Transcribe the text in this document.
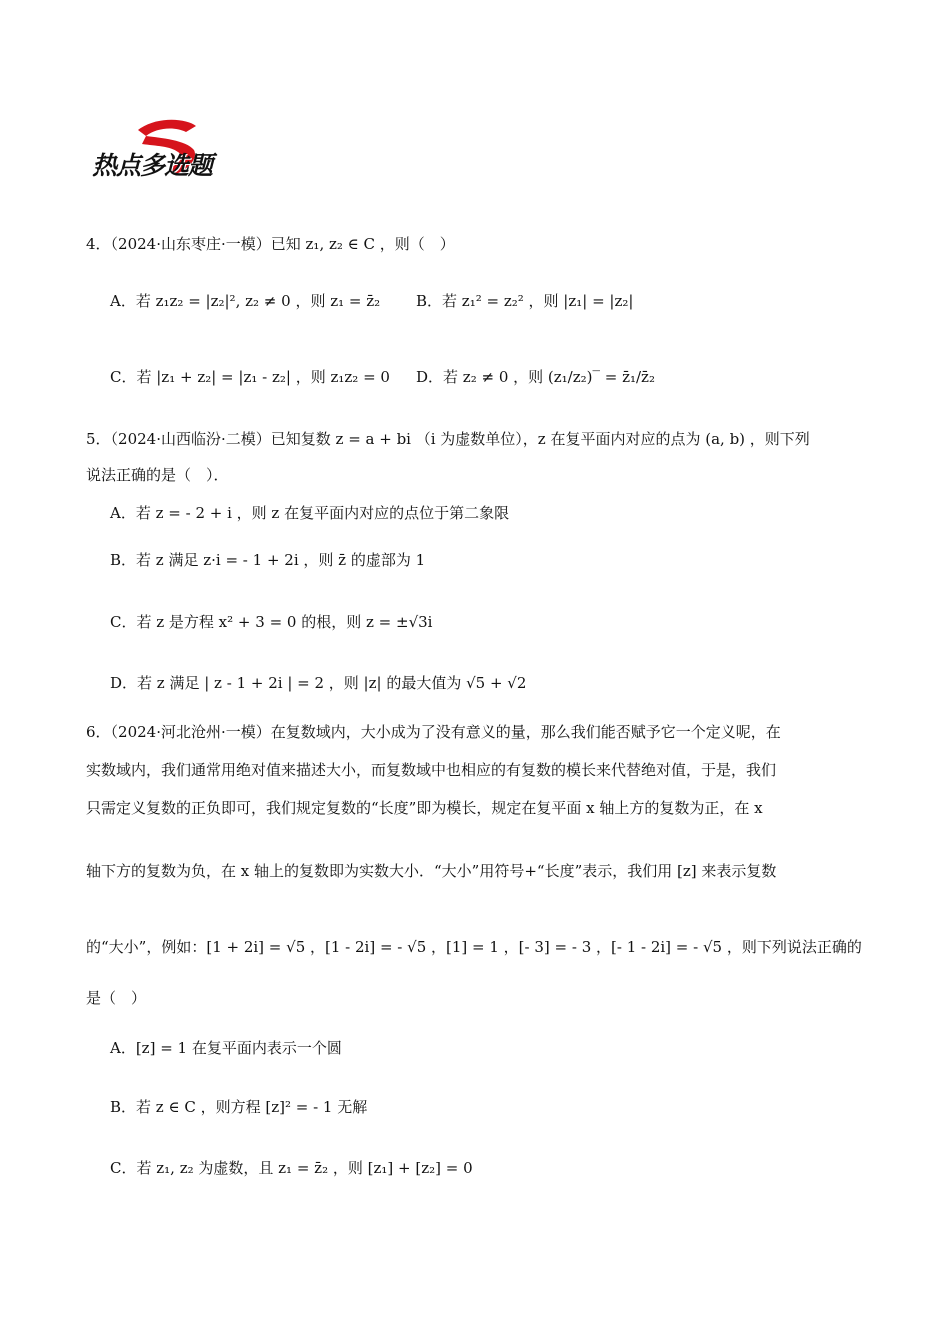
热点多选题
4．（2024·山东枣庄·一模）已知 z₁, z₂ ∈ C ，则（　）
A．若 z₁z₂ = |z₂|², z₂ ≠ 0 ，则 z₁ = z̄₂ B．若 z₁² = z₂² ，则 |z₁| = |z₂|
C．若 |z₁ + z₂| = |z₁ - z₂| ，则 z₁z₂ = 0 D．若 z₂ ≠ 0 ，则 (z₁/z₂)‾ = z̄₁/z̄₂
5．（2024·山西临汾·二模）已知复数 z = a + bi （i 为虚数单位），z 在复平面内对应的点为 (a, b) ，则下列
说法正确的是（　）．
A．若 z = - 2 + i ，则 z 在复平面内对应的点位于第二象限
B．若 z 满足 z·i = - 1 + 2i ，则 z̄ 的虚部为 1
C．若 z 是方程 x² + 3 = 0 的根，则 z = ±√3i
D．若 z 满足 | z - 1 + 2i | = 2 ，则 |z| 的最大值为 √5 + √2
6．（2024·河北沧州·一模）在复数域内，大小成为了没有意义的量，那么我们能否赋予它一个定义呢，在
实数域内，我们通常用绝对值来描述大小，而复数域中也相应的有复数的模长来代替绝对值，于是，我们
只需定义复数的正负即可，我们规定复数的“长度”即为模长，规定在复平面 x 轴上方的复数为正，在 x
轴下方的复数为负，在 x 轴上的复数即为实数大小．“大小”用符号+“长度”表示，我们用 [z] 来表示复数
的“大小”，例如：[1 + 2i] = √5 ，[1 - 2i] = - √5 ，[1] = 1 ，[- 3] = - 3 ，[- 1 - 2i] = - √5 ，则下列说法正确的
是（　）
A．[z] = 1 在复平面内表示一个圆
B．若 z ∈ C ，则方程 [z]² = - 1 无解
C．若 z₁, z₂ 为虚数，且 z₁ = z̄₂ ，则 [z₁] + [z₂] = 0
